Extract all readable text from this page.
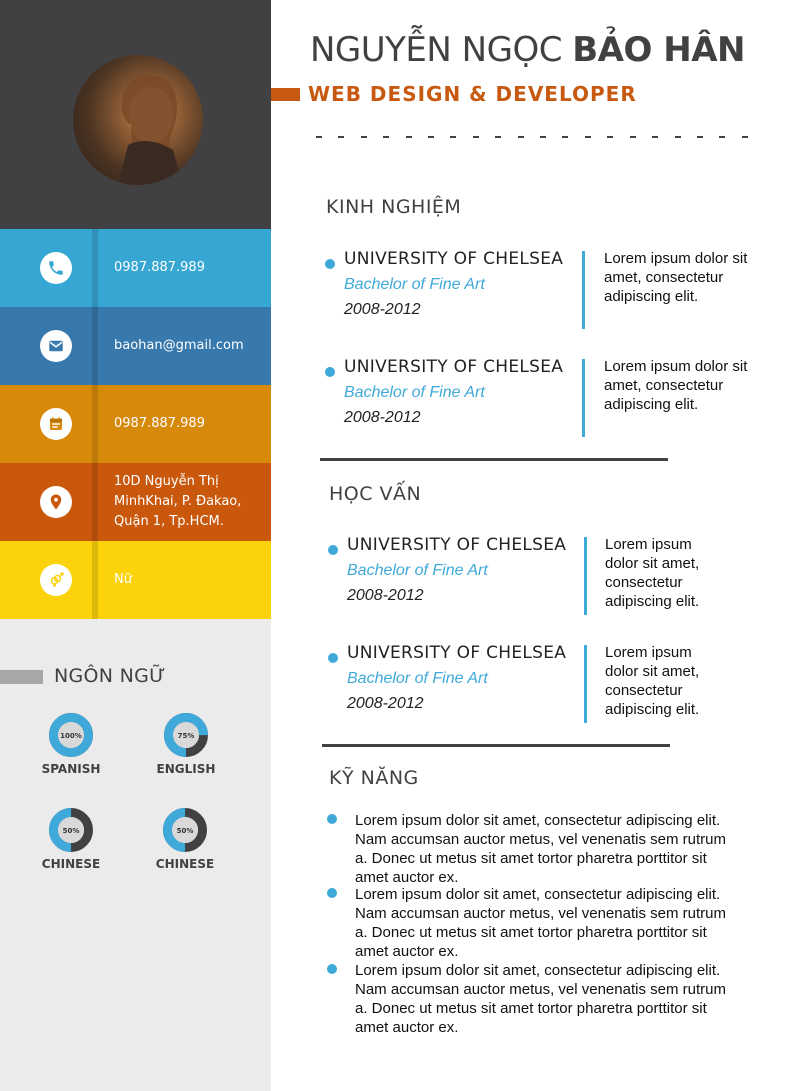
0987.887.989
baohan@gmail.com
0987.887.989
10D Nguyễn Thị MinhKhai, P. Đakao, Quận 1, Tp.HCM.
Nữ
NGÔN NGỮ
100%
SPANISH
75%
ENGLISH
50%
CHINESE
50%
CHINESE
NGUYỄN NGỌC BẢO HÂN
WEB DESIGN & DEVELOPER
KINH NGHIỆM
UNIVERSITY OF CHELSEA
Bachelor of Fine Art
2008-2012
Lorem ipsum dolor sit amet, consectetur adipiscing elit.
UNIVERSITY OF CHELSEA
Bachelor of Fine Art
2008-2012
Lorem ipsum dolor sit amet, consectetur adipiscing elit.
HỌC VẤN
UNIVERSITY OF CHELSEA
Bachelor of Fine Art
2008-2012
Lorem ipsum dolor sit amet, consectetur adipiscing elit.
UNIVERSITY OF CHELSEA
Bachelor of Fine Art
2008-2012
Lorem ipsum dolor sit amet, consectetur adipiscing elit.
KỸ NĂNG
Lorem ipsum dolor sit amet, consectetur adipiscing elit. Nam accumsan auctor metus, vel venenatis sem rutrum a. Donec ut metus sit amet tortor pharetra porttitor sit amet auctor ex.
Lorem ipsum dolor sit amet, consectetur adipiscing elit. Nam accumsan auctor metus, vel venenatis sem rutrum a. Donec ut metus sit amet tortor pharetra porttitor sit amet auctor ex.
Lorem ipsum dolor sit amet, consectetur adipiscing elit. Nam accumsan auctor metus, vel venenatis sem rutrum a. Donec ut metus sit amet tortor pharetra porttitor sit amet auctor ex.
